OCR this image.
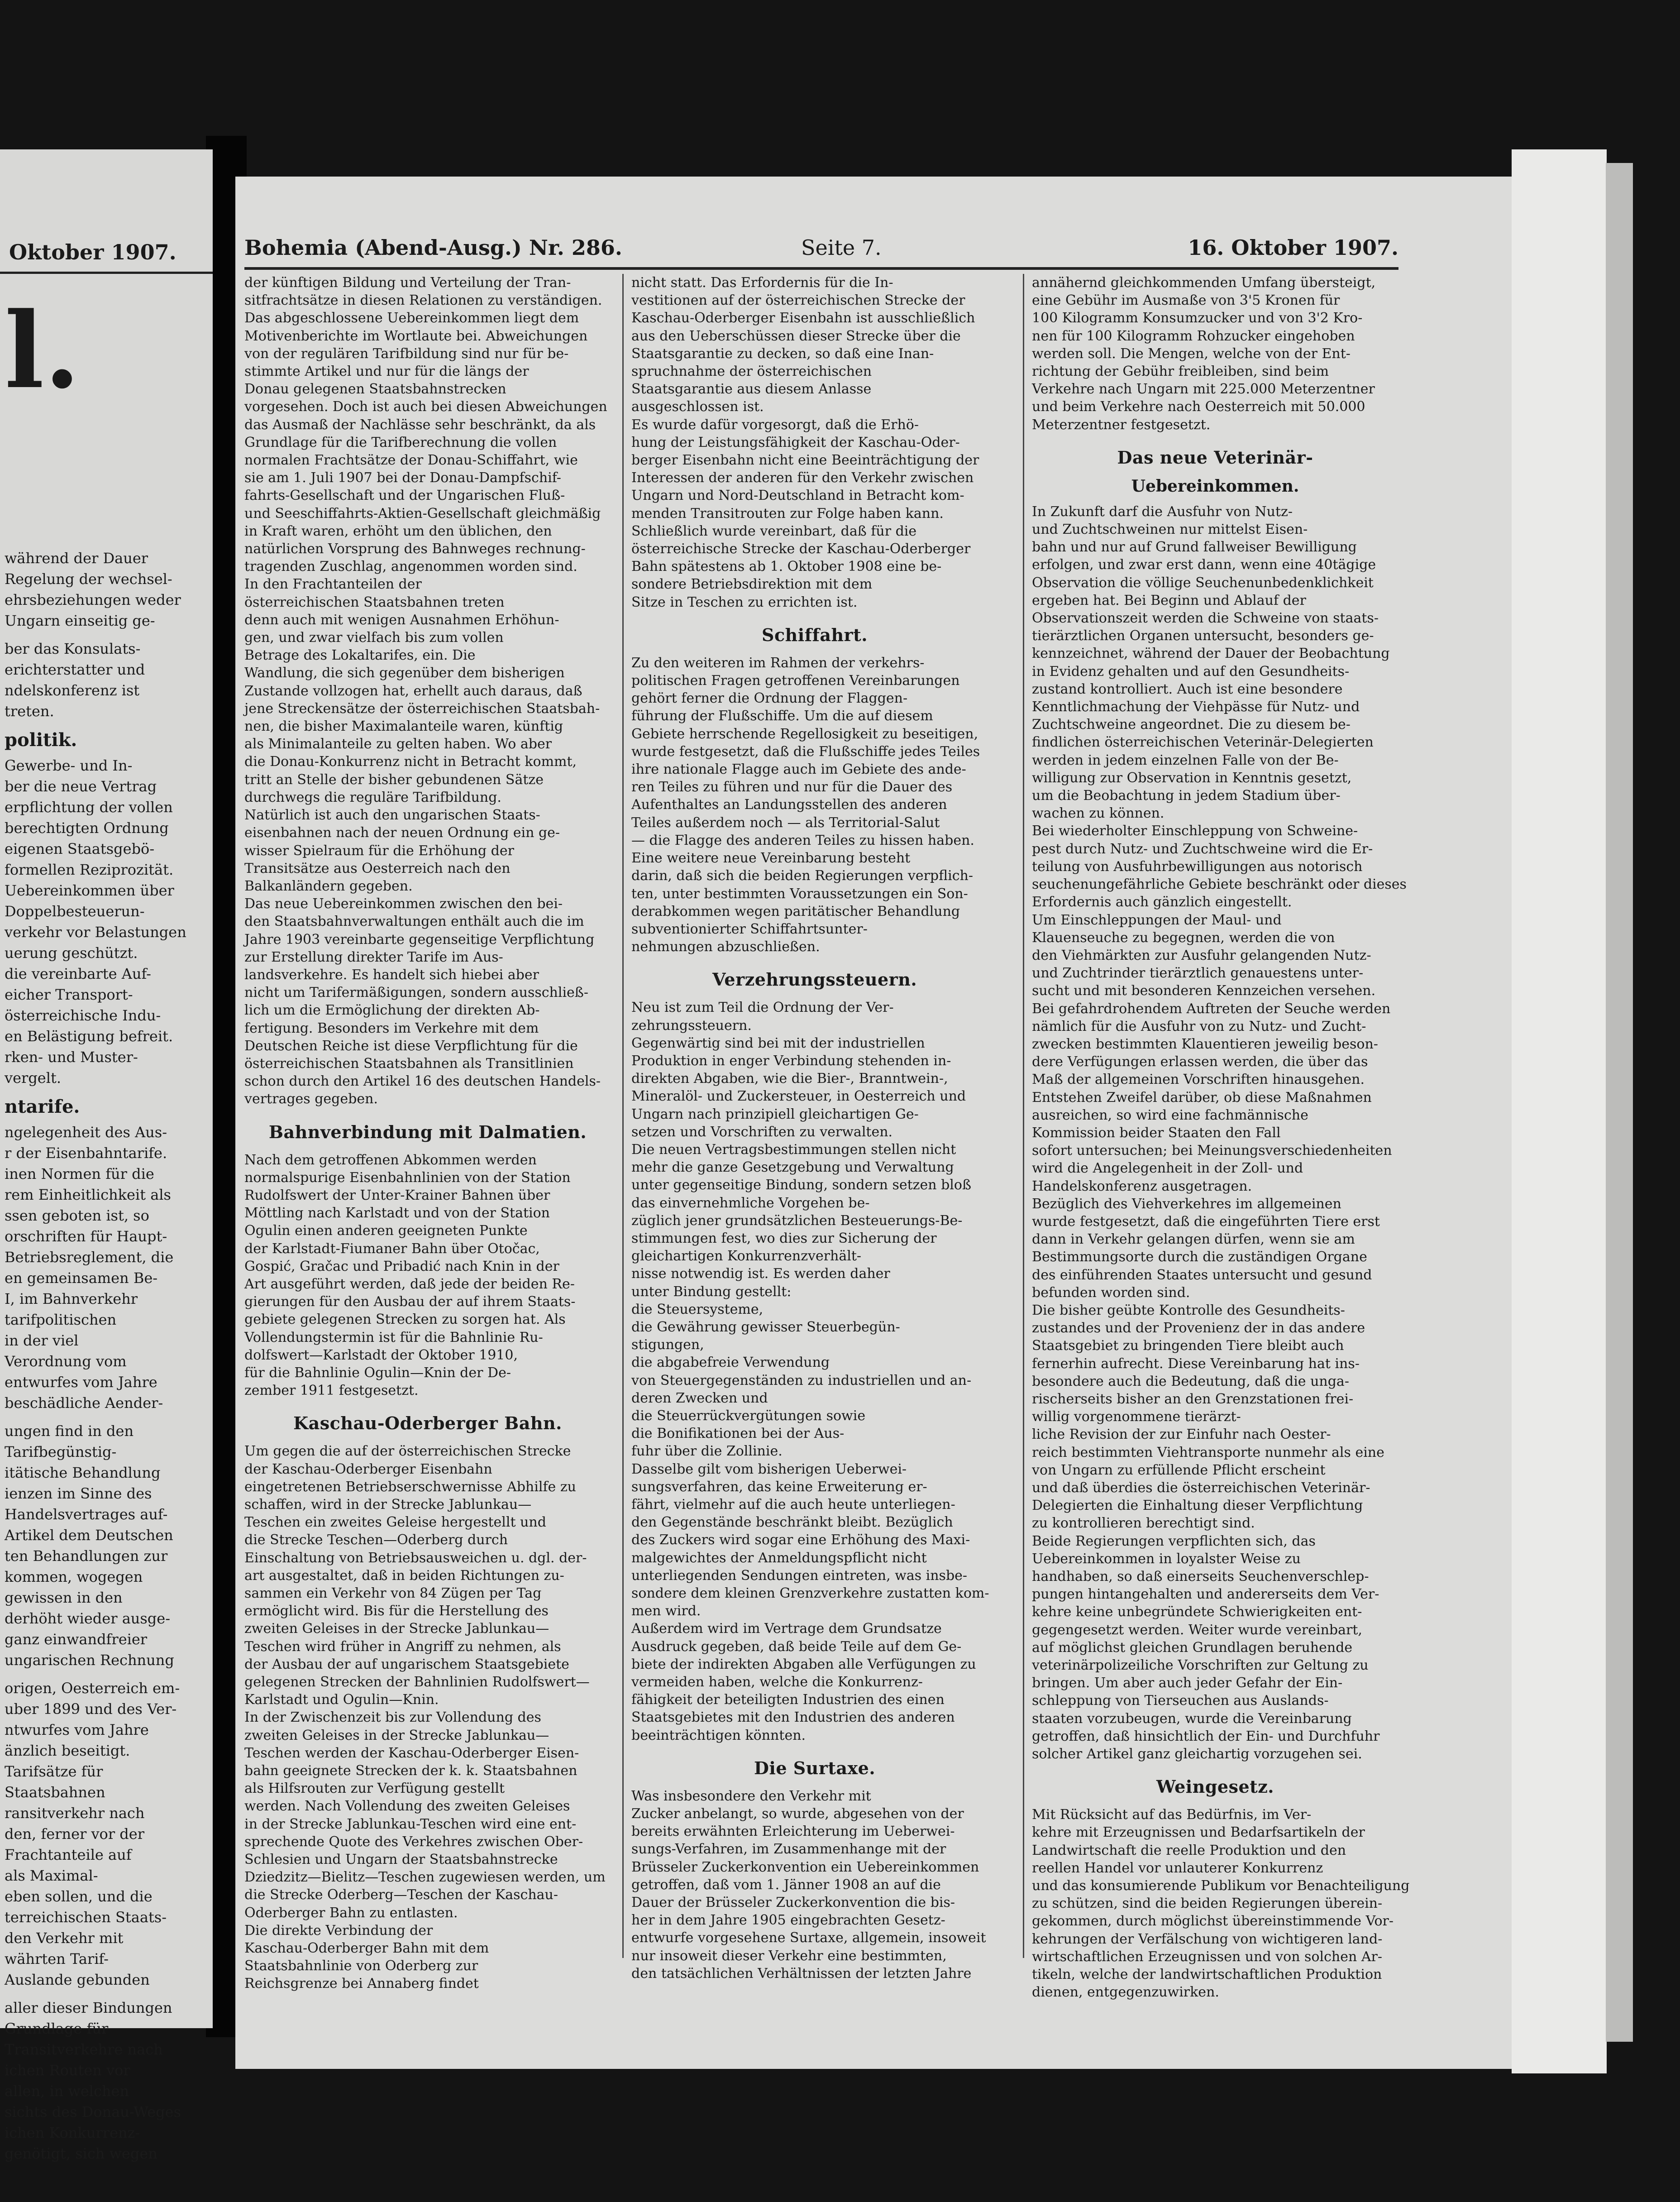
Oktober 1907.
l.
während der Dauer
Regelung der wechsel-
ehrsbeziehungen weder
Ungarn einseitig ge-
ber das Konsulats-
erichterstatter und
ndelskonferenz ist
treten.
politik.
Gewerbe- und In-
ber die neue Vertrag
erpflichtung der vollen
berechtigten Ordnung
eigenen Staatsgebö-
formellen Reziprozität.
Uebereinkommen über
Doppelbesteuerun-
verkehr vor Belastungen
uerung geschützt.
die vereinbarte Auf-
eicher Transport-
österreichische Indu-
en Belästigung befreit.
rken- und Muster-
vergelt.
ntarife.
ngelegenheit des Aus-
r der Eisenbahntarife.
inen Normen für die
rem Einheitlichkeit als
ssen geboten ist, so
orschriften für Haupt-
Betriebsreglement, die
en gemeinsamen Be-
I, im Bahnverkehr
tarifpolitischen
in der viel
Verordnung vom
entwurfes vom Jahre
beschädliche Aender-
ungen find in den
Tarifbegünstig-
itätische Behandlung
ienzen im Sinne des
Handelsvertrages auf-
Artikel dem Deutschen
ten Behandlungen zur
kommen, wogegen
gewissen in den
derhöht wieder ausge-
ganz einwandfreier
ungarischen Rechnung
origen, Oesterreich em-
uber 1899 und des Ver-
ntwurfes vom Jahre
änzlich beseitigt.
Tarifsätze für
Staatsbahnen
ransitverkehr nach
den, ferner vor der
Frachtanteile auf
als Maximal-
eben sollen, und die
terreichischen Staats-
den Verkehr mit
währten Tarif-
Auslande gebunden
aller dieser Bindungen
Grundlage für
Transitverkehre nach
ichen Routen vor
allen, in welchen
sichts des Donau-Weges
ichen Konkurrenz-
genötigt, sich wegen
Bohemia (Abend-Ausg.) Nr. 286.	Seite 7.	16. Oktober 1907.
der künftigen Bildung und Verteilung der Tran-
sitfrachtsätze in diesen Relationen zu verständigen.
Das abgeschlossene Uebereinkommen liegt dem
Motivenberichte im Wortlaute bei. Abweichungen
von der regulären Tarifbildung sind nur für be-
stimmte Artikel und nur für die längs der
Donau gelegenen Staatsbahnstrecken
vorgesehen. Doch ist auch bei diesen Abweichungen
das Ausmaß der Nachlässe sehr beschränkt, da als
Grundlage für die Tarifberechnung die vollen
normalen Frachtsätze der Donau-Schiffahrt, wie
sie am 1. Juli 1907 bei der Donau-Dampfschif-
fahrts-Gesellschaft und der Ungarischen Fluß-
und Seeschiffahrts-Aktien-Gesellschaft gleichmäßig
in Kraft waren, erhöht um den üblichen, den
natürlichen Vorsprung des Bahnweges rechnung-
tragenden Zuschlag, angenommen worden sind.
In den Frachtanteilen der
österreichischen Staatsbahnen treten
denn auch mit wenigen Ausnahmen Erhöhun-
gen, und zwar vielfach bis zum vollen
Betrage des Lokaltarifes, ein. Die
Wandlung, die sich gegenüber dem bisherigen
Zustande vollzogen hat, erhellt auch daraus, daß
jene Streckensätze der österreichischen Staatsbah-
nen, die bisher Maximalanteile waren, künftig
als Minimalanteile zu gelten haben. Wo aber
die Donau-Konkurrenz nicht in Betracht kommt,
tritt an Stelle der bisher gebundenen Sätze
durchwegs die reguläre Tarifbildung.
Natürlich ist auch den ungarischen Staats-
eisenbahnen nach der neuen Ordnung ein ge-
wisser Spielraum für die Erhöhung der
Transitsätze aus Oesterreich nach den
Balkanländern gegeben.
Das neue Uebereinkommen zwischen den bei-
den Staatsbahnverwaltungen enthält auch die im
Jahre 1903 vereinbarte gegenseitige Verpflichtung
zur Erstellung direkter Tarife im Aus-
landsverkehre. Es handelt sich hiebei aber
nicht um Tarifermäßigungen, sondern ausschließ-
lich um die Ermöglichung der direkten Ab-
fertigung. Besonders im Verkehre mit dem
Deutschen Reiche ist diese Verpflichtung für die
österreichischen Staatsbahnen als Transitlinien
schon durch den Artikel 16 des deutschen Handels-
vertrages gegeben.
Bahnverbindung mit Dalmatien.
Nach dem getroffenen Abkommen werden
normalspurige Eisenbahnlinien von der Station
Rudolfswert der Unter-Krainer Bahnen über
Möttling nach Karlstadt und von der Station
Ogulin einen anderen geeigneten Punkte
der Karlstadt-Fiumaner Bahn über Otočac,
Gospić, Gračac und Pribadić nach Knin in der
Art ausgeführt werden, daß jede der beiden Re-
gierungen für den Ausbau der auf ihrem Staats-
gebiete gelegenen Strecken zu sorgen hat. Als
Vollendungstermin ist für die Bahnlinie Ru-
dolfswert—Karlstadt der Oktober 1910,
für die Bahnlinie Ogulin—Knin der De-
zember 1911 festgesetzt.
Kaschau-Oderberger Bahn.
Um gegen die auf der österreichischen Strecke
der Kaschau-Oderberger Eisenbahn
eingetretenen Betriebserschwernisse Abhilfe zu
schaffen, wird in der Strecke Jablunkau—
Teschen ein zweites Geleise hergestellt und
die Strecke Teschen—Oderberg durch
Einschaltung von Betriebsausweichen u. dgl. der-
art ausgestaltet, daß in beiden Richtungen zu-
sammen ein Verkehr von 84 Zügen per Tag
ermöglicht wird. Bis für die Herstellung des
zweiten Geleises in der Strecke Jablunkau—
Teschen wird früher in Angriff zu nehmen, als
der Ausbau der auf ungarischem Staatsgebiete
gelegenen Strecken der Bahnlinien Rudolfswert—
Karlstadt und Ogulin—Knin.
In der Zwischenzeit bis zur Vollendung des
zweiten Geleises in der Strecke Jablunkau—
Teschen werden der Kaschau-Oderberger Eisen-
bahn geeignete Strecken der k. k. Staatsbahnen
als Hilfsrouten zur Verfügung gestellt
werden. Nach Vollendung des zweiten Geleises
in der Strecke Jablunkau-Teschen wird eine ent-
sprechende Quote des Verkehres zwischen Ober-
Schlesien und Ungarn der Staatsbahnstrecke
Dziedzitz—Bielitz—Teschen zugewiesen werden, um
die Strecke Oderberg—Teschen der Kaschau-
Oderberger Bahn zu entlasten.
Die direkte Verbindung der
Kaschau-Oderberger Bahn mit dem
Staatsbahnlinie von Oderberg zur
Reichsgrenze bei Annaberg findet
nicht statt. Das Erfordernis für die In-
vestitionen auf der österreichischen Strecke der
Kaschau-Oderberger Eisenbahn ist ausschließlich
aus den Ueberschüssen dieser Strecke über die
Staatsgarantie zu decken, so daß eine Inan-
spruchnahme der österreichischen
Staatsgarantie aus diesem Anlasse
ausgeschlossen ist.
Es wurde dafür vorgesorgt, daß die Erhö-
hung der Leistungsfähigkeit der Kaschau-Oder-
berger Eisenbahn nicht eine Beeinträchtigung der
Interessen der anderen für den Verkehr zwischen
Ungarn und Nord-Deutschland in Betracht kom-
menden Transitrouten zur Folge haben kann.
Schließlich wurde vereinbart, daß für die
österreichische Strecke der Kaschau-Oderberger
Bahn spätestens ab 1. Oktober 1908 eine be-
sondere Betriebsdirektion mit dem
Sitze in Teschen zu errichten ist.
Schiffahrt.
Zu den weiteren im Rahmen der verkehrs-
politischen Fragen getroffenen Vereinbarungen
gehört ferner die Ordnung der Flaggen-
führung der Flußschiffe. Um die auf diesem
Gebiete herrschende Regellosigkeit zu beseitigen,
wurde festgesetzt, daß die Flußschiffe jedes Teiles
ihre nationale Flagge auch im Gebiete des ande-
ren Teiles zu führen und nur für die Dauer des
Aufenthaltes an Landungsstellen des anderen
Teiles außerdem noch — als Territorial-Salut
— die Flagge des anderen Teiles zu hissen haben.
Eine weitere neue Vereinbarung besteht
darin, daß sich die beiden Regierungen verpflich-
ten, unter bestimmten Voraussetzungen ein Son-
derabkommen wegen paritätischer Behandlung
subventionierter Schiffahrtsunter-
nehmungen abzuschließen.
Verzehrungssteuern.
Neu ist zum Teil die Ordnung der Ver-
zehrungssteuern.
Gegenwärtig sind bei mit der industriellen
Produktion in enger Verbindung stehenden in-
direkten Abgaben, wie die Bier-, Branntwein-,
Mineralöl- und Zuckersteuer, in Oesterreich und
Ungarn nach prinzipiell gleichartigen Ge-
setzen und Vorschriften zu verwalten.
Die neuen Vertragsbestimmungen stellen nicht
mehr die ganze Gesetzgebung und Verwaltung
unter gegenseitige Bindung, sondern setzen bloß
das einvernehmliche Vorgehen be-
züglich jener grundsätzlichen Besteuerungs-Be-
stimmungen fest, wo dies zur Sicherung der
gleichartigen Konkurrenzverhält-
nisse notwendig ist. Es werden daher
unter Bindung gestellt:
die Steuersysteme,
die Gewährung gewisser Steuerbegün-
stigungen,
die abgabefreie Verwendung
von Steuergegenständen zu industriellen und an-
deren Zwecken und
die Steuerrückvergütungen sowie
die Bonifikationen bei der Aus-
fuhr über die Zollinie.
Dasselbe gilt vom bisherigen Ueberwei-
sungsverfahren, das keine Erweiterung er-
fährt, vielmehr auf die auch heute unterliegen-
den Gegenstände beschränkt bleibt. Bezüglich
des Zuckers wird sogar eine Erhöhung des Maxi-
malgewichtes der Anmeldungspflicht nicht
unterliegenden Sendungen eintreten, was insbe-
sondere dem kleinen Grenzverkehre zustatten kom-
men wird.
Außerdem wird im Vertrage dem Grundsatze
Ausdruck gegeben, daß beide Teile auf dem Ge-
biete der indirekten Abgaben alle Verfügungen zu
vermeiden haben, welche die Konkurrenz-
fähigkeit der beteiligten Industrien des einen
Staatsgebietes mit den Industrien des anderen
beeinträchtigen könnten.
Die Surtaxe.
Was insbesondere den Verkehr mit
Zucker anbelangt, so wurde, abgesehen von der
bereits erwähnten Erleichterung im Ueberwei-
sungs-Verfahren, im Zusammenhange mit der
Brüsseler Zuckerkonvention ein Uebereinkommen
getroffen, daß vom 1. Jänner 1908 an auf die
Dauer der Brüsseler Zuckerkonvention die bis-
her in dem Jahre 1905 eingebrachten Gesetz-
entwurfe vorgesehene Surtaxe, allgemein, insoweit
nur insoweit dieser Verkehr eine bestimmten,
den tatsächlichen Verhältnissen der letzten Jahre
annähernd gleichkommenden Umfang übersteigt,
eine Gebühr im Ausmaße von 3'5 Kronen für
100 Kilogramm Konsumzucker und von 3'2 Kro-
nen für 100 Kilogramm Rohzucker eingehoben
werden soll. Die Mengen, welche von der Ent-
richtung der Gebühr freibleiben, sind beim
Verkehre nach Ungarn mit 225.000 Meterzentner
und beim Verkehre nach Oesterreich mit 50.000
Meterzentner festgesetzt.
Das neue Veterinär-
Uebereinkommen.
In Zukunft darf die Ausfuhr von Nutz-
und Zuchtschweinen nur mittelst Eisen-
bahn und nur auf Grund fallweiser Bewilligung
erfolgen, und zwar erst dann, wenn eine 40tägige
Observation die völlige Seuchenunbedenklichkeit
ergeben hat. Bei Beginn und Ablauf der
Observationszeit werden die Schweine von staats-
tierärztlichen Organen untersucht, besonders ge-
kennzeichnet, während der Dauer der Beobachtung
in Evidenz gehalten und auf den Gesundheits-
zustand kontrolliert. Auch ist eine besondere
Kenntlichmachung der Viehpässe für Nutz- und
Zuchtschweine angeordnet. Die zu diesem be-
findlichen österreichischen Veterinär-Delegierten
werden in jedem einzelnen Falle von der Be-
willigung zur Observation in Kenntnis gesetzt,
um die Beobachtung in jedem Stadium über-
wachen zu können.
Bei wiederholter Einschleppung von Schweine-
pest durch Nutz- und Zuchtschweine wird die Er-
teilung von Ausfuhrbewilligungen aus notorisch
seuchenungefährliche Gebiete beschränkt oder dieses
Erfordernis auch gänzlich eingestellt.
Um Einschleppungen der Maul- und
Klauenseuche zu begegnen, werden die von
den Viehmärkten zur Ausfuhr gelangenden Nutz-
und Zuchtrinder tierärztlich genauestens unter-
sucht und mit besonderen Kennzeichen versehen.
Bei gefahrdrohendem Auftreten der Seuche werden
nämlich für die Ausfuhr von zu Nutz- und Zucht-
zwecken bestimmten Klauentieren jeweilig beson-
dere Verfügungen erlassen werden, die über das
Maß der allgemeinen Vorschriften hinausgehen.
Entstehen Zweifel darüber, ob diese Maßnahmen
ausreichen, so wird eine fachmännische
Kommission beider Staaten den Fall
sofort untersuchen; bei Meinungsverschiedenheiten
wird die Angelegenheit in der Zoll- und
Handelskonferenz ausgetragen.
Bezüglich des Viehverkehres im allgemeinen
wurde festgesetzt, daß die eingeführten Tiere erst
dann in Verkehr gelangen dürfen, wenn sie am
Bestimmungsorte durch die zuständigen Organe
des einführenden Staates untersucht und gesund
befunden worden sind.
Die bisher geübte Kontrolle des Gesundheits-
zustandes und der Provenienz der in das andere
Staatsgebiet zu bringenden Tiere bleibt auch
fernerhin aufrecht. Diese Vereinbarung hat ins-
besondere auch die Bedeutung, daß die unga-
rischerseits bisher an den Grenzstationen frei-
willig vorgenommene tierärzt-
liche Revision der zur Einfuhr nach Oester-
reich bestimmten Viehtransporte nunmehr als eine
von Ungarn zu erfüllende Pflicht erscheint
und daß überdies die österreichischen Veterinär-
Delegierten die Einhaltung dieser Verpflichtung
zu kontrollieren berechtigt sind.
Beide Regierungen verpflichten sich, das
Uebereinkommen in loyalster Weise zu
handhaben, so daß einerseits Seuchenverschlep-
pungen hintangehalten und andererseits dem Ver-
kehre keine unbegründete Schwierigkeiten ent-
gegengesetzt werden. Weiter wurde vereinbart,
auf möglichst gleichen Grundlagen beruhende
veterinärpolizeiliche Vorschriften zur Geltung zu
bringen. Um aber auch jeder Gefahr der Ein-
schleppung von Tierseuchen aus Auslands-
staaten vorzubeugen, wurde die Vereinbarung
getroffen, daß hinsichtlich der Ein- und Durchfuhr
solcher Artikel ganz gleichartig vorzugehen sei.
Weingesetz.
Mit Rücksicht auf das Bedürfnis, im Ver-
kehre mit Erzeugnissen und Bedarfsartikeln der
Landwirtschaft die reelle Produktion und den
reellen Handel vor unlauterer Konkurrenz
und das konsumierende Publikum vor Benachteiligung
zu schützen, sind die beiden Regierungen überein-
gekommen, durch möglichst übereinstimmende Vor-
kehrungen der Verfälschung von wichtigeren land-
wirtschaftlichen Erzeugnissen und von solchen Ar-
tikeln, welche der landwirtschaftlichen Produktion
dienen, entgegenzuwirken.
